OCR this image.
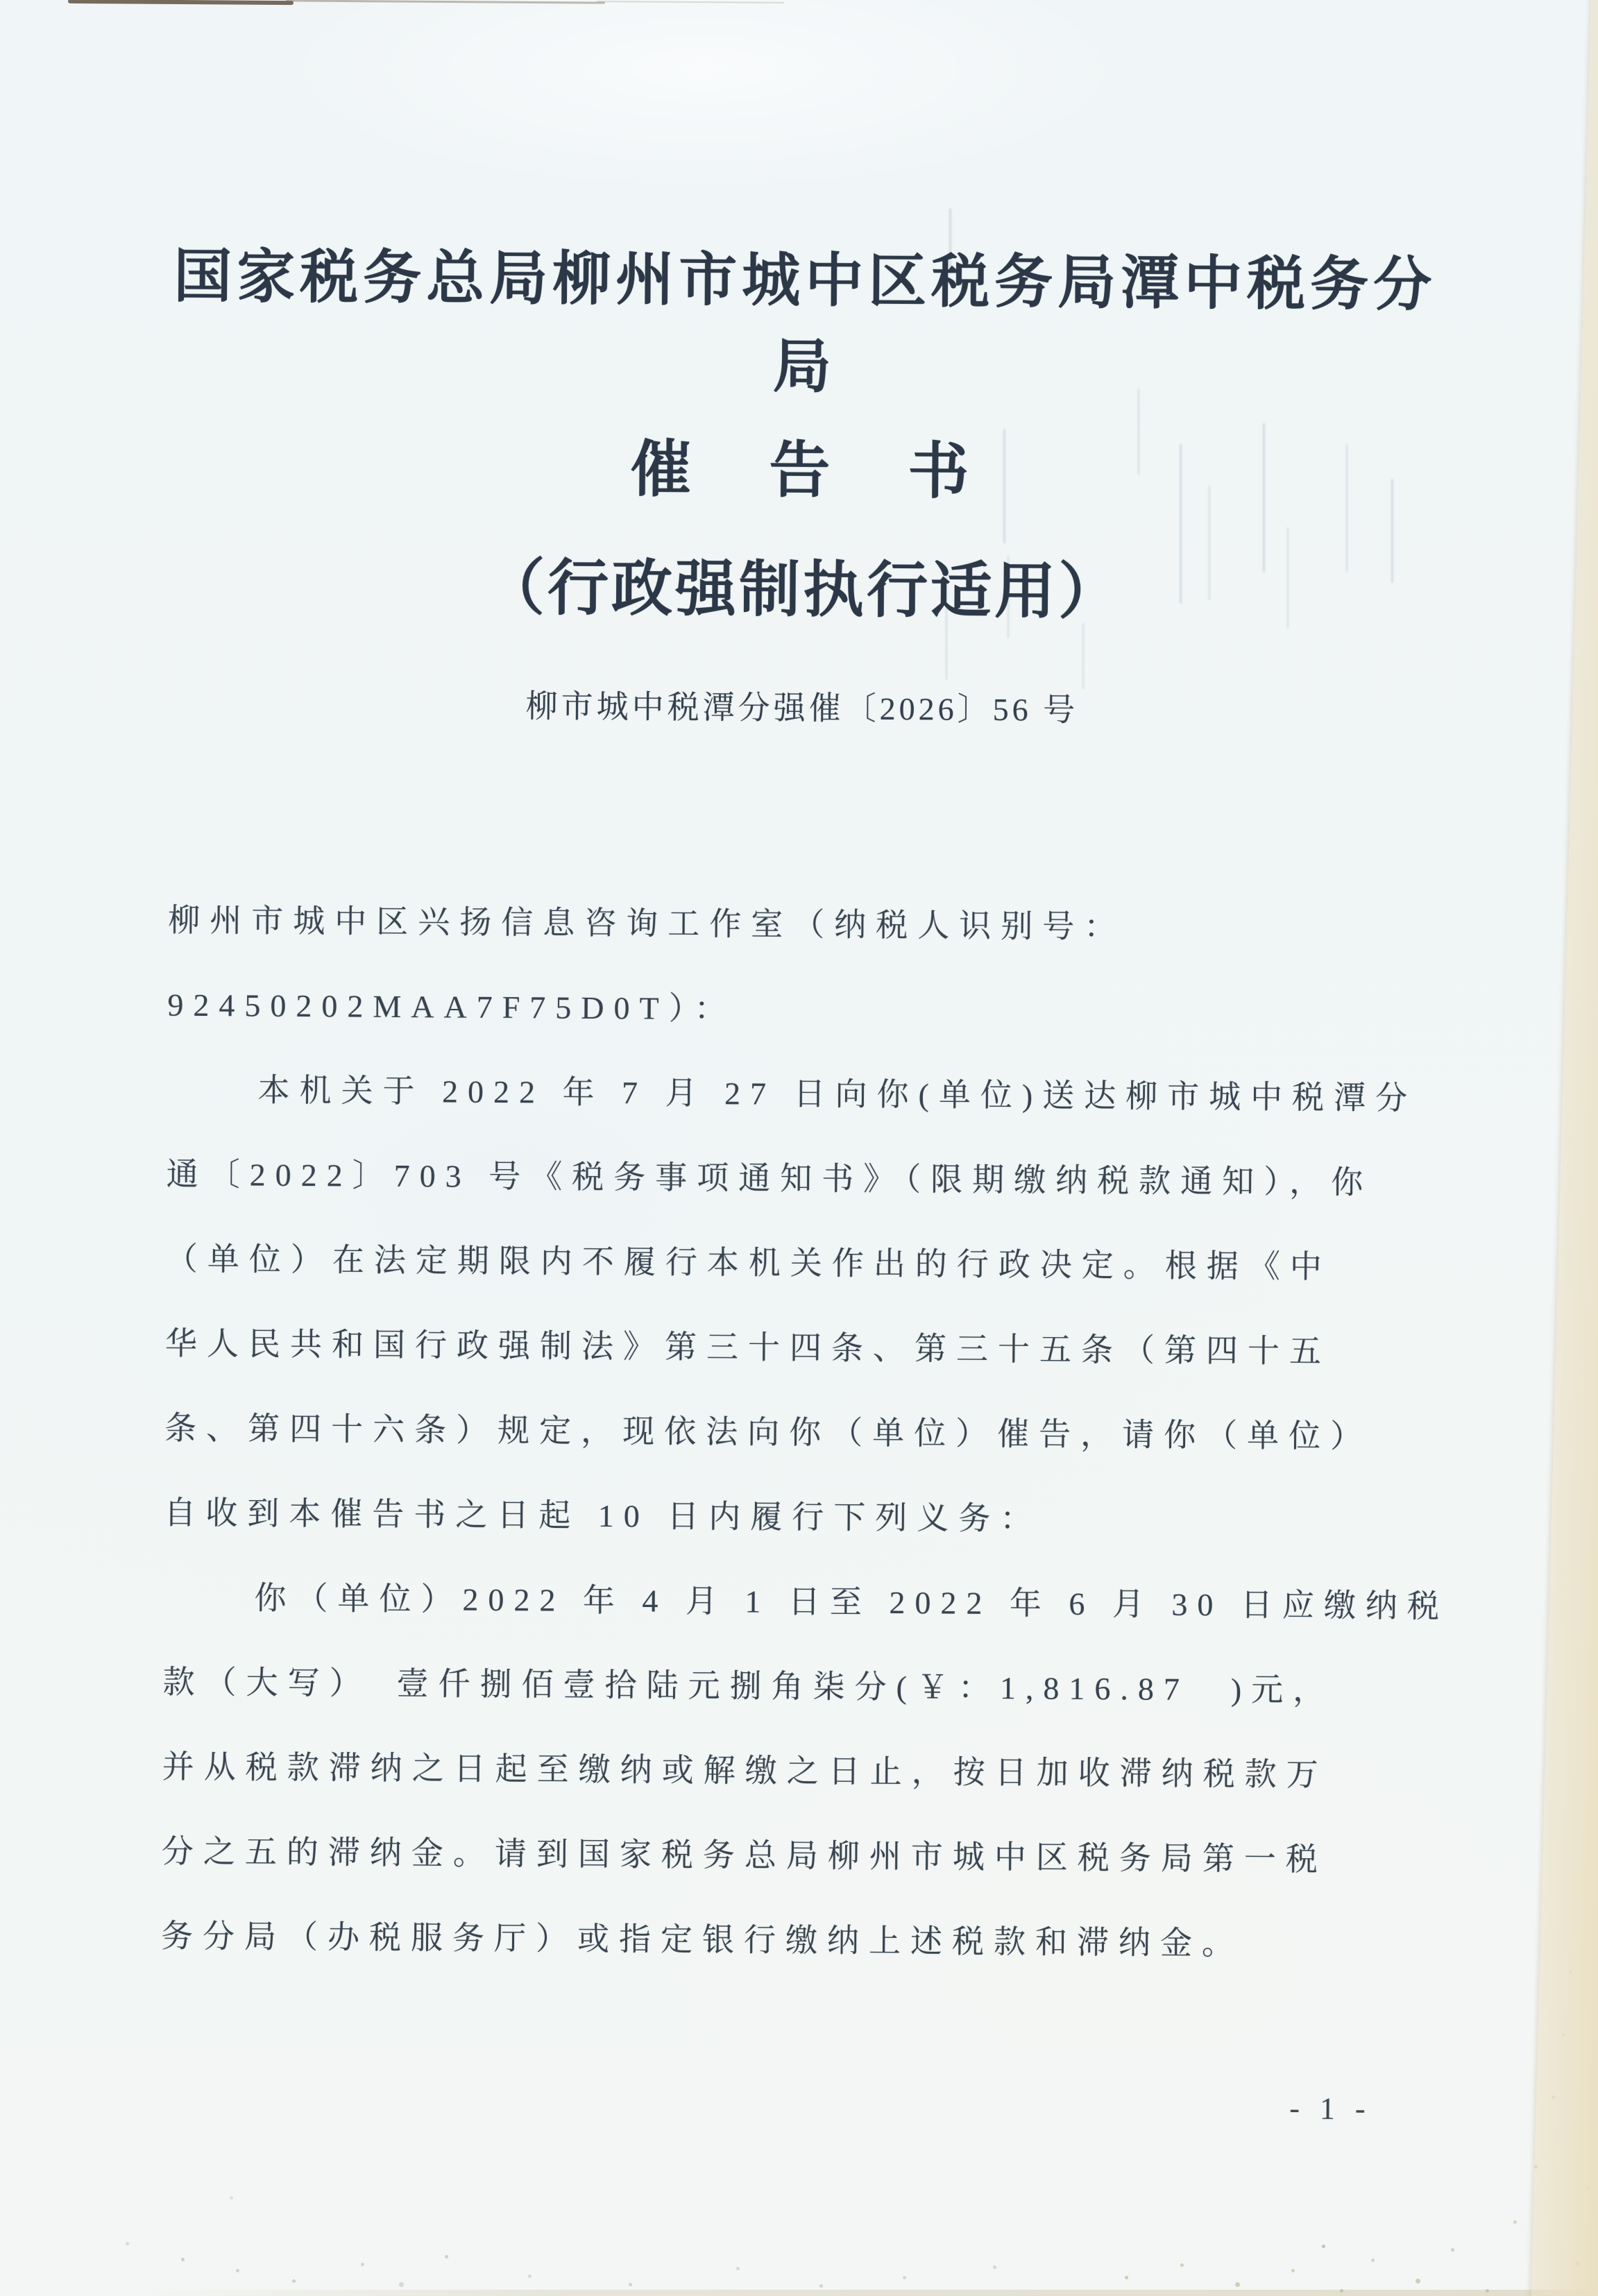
国家税务总局柳州市城中区税务局潭中税务分
局
催　告　书
（行政强制执行适用）
柳市城中税潭分强催〔2026〕56 号
柳州市城中区兴扬信息咨询工作室（纳税人识别号：
92450202MAA7F75D0T）：
本机关于 2022 年 7 月 27 日向你(单位)送达柳市城中税潭分
通〔2022〕703 号《税务事项通知书》（限期缴纳税款通知），你
（单位）在法定期限内不履行本机关作出的行政决定。根据《中
华人民共和国行政强制法》第三十四条、第三十五条（第四十五
条、第四十六条）规定，现依法向你（单位）催告，请你（单位）
自收到本催告书之日起 10 日内履行下列义务：
你（单位）2022 年 4 月 1 日至 2022 年 6 月 30 日应缴纳税
款（大写）　壹仟捌佰壹拾陆元捌角柒分(￥：1,816.87　)元，
并从税款滞纳之日起至缴纳或解缴之日止，按日加收滞纳税款万
分之五的滞纳金。请到国家税务总局柳州市城中区税务局第一税
务分局（办税服务厅）或指定银行缴纳上述税款和滞纳金。
- 1 -
